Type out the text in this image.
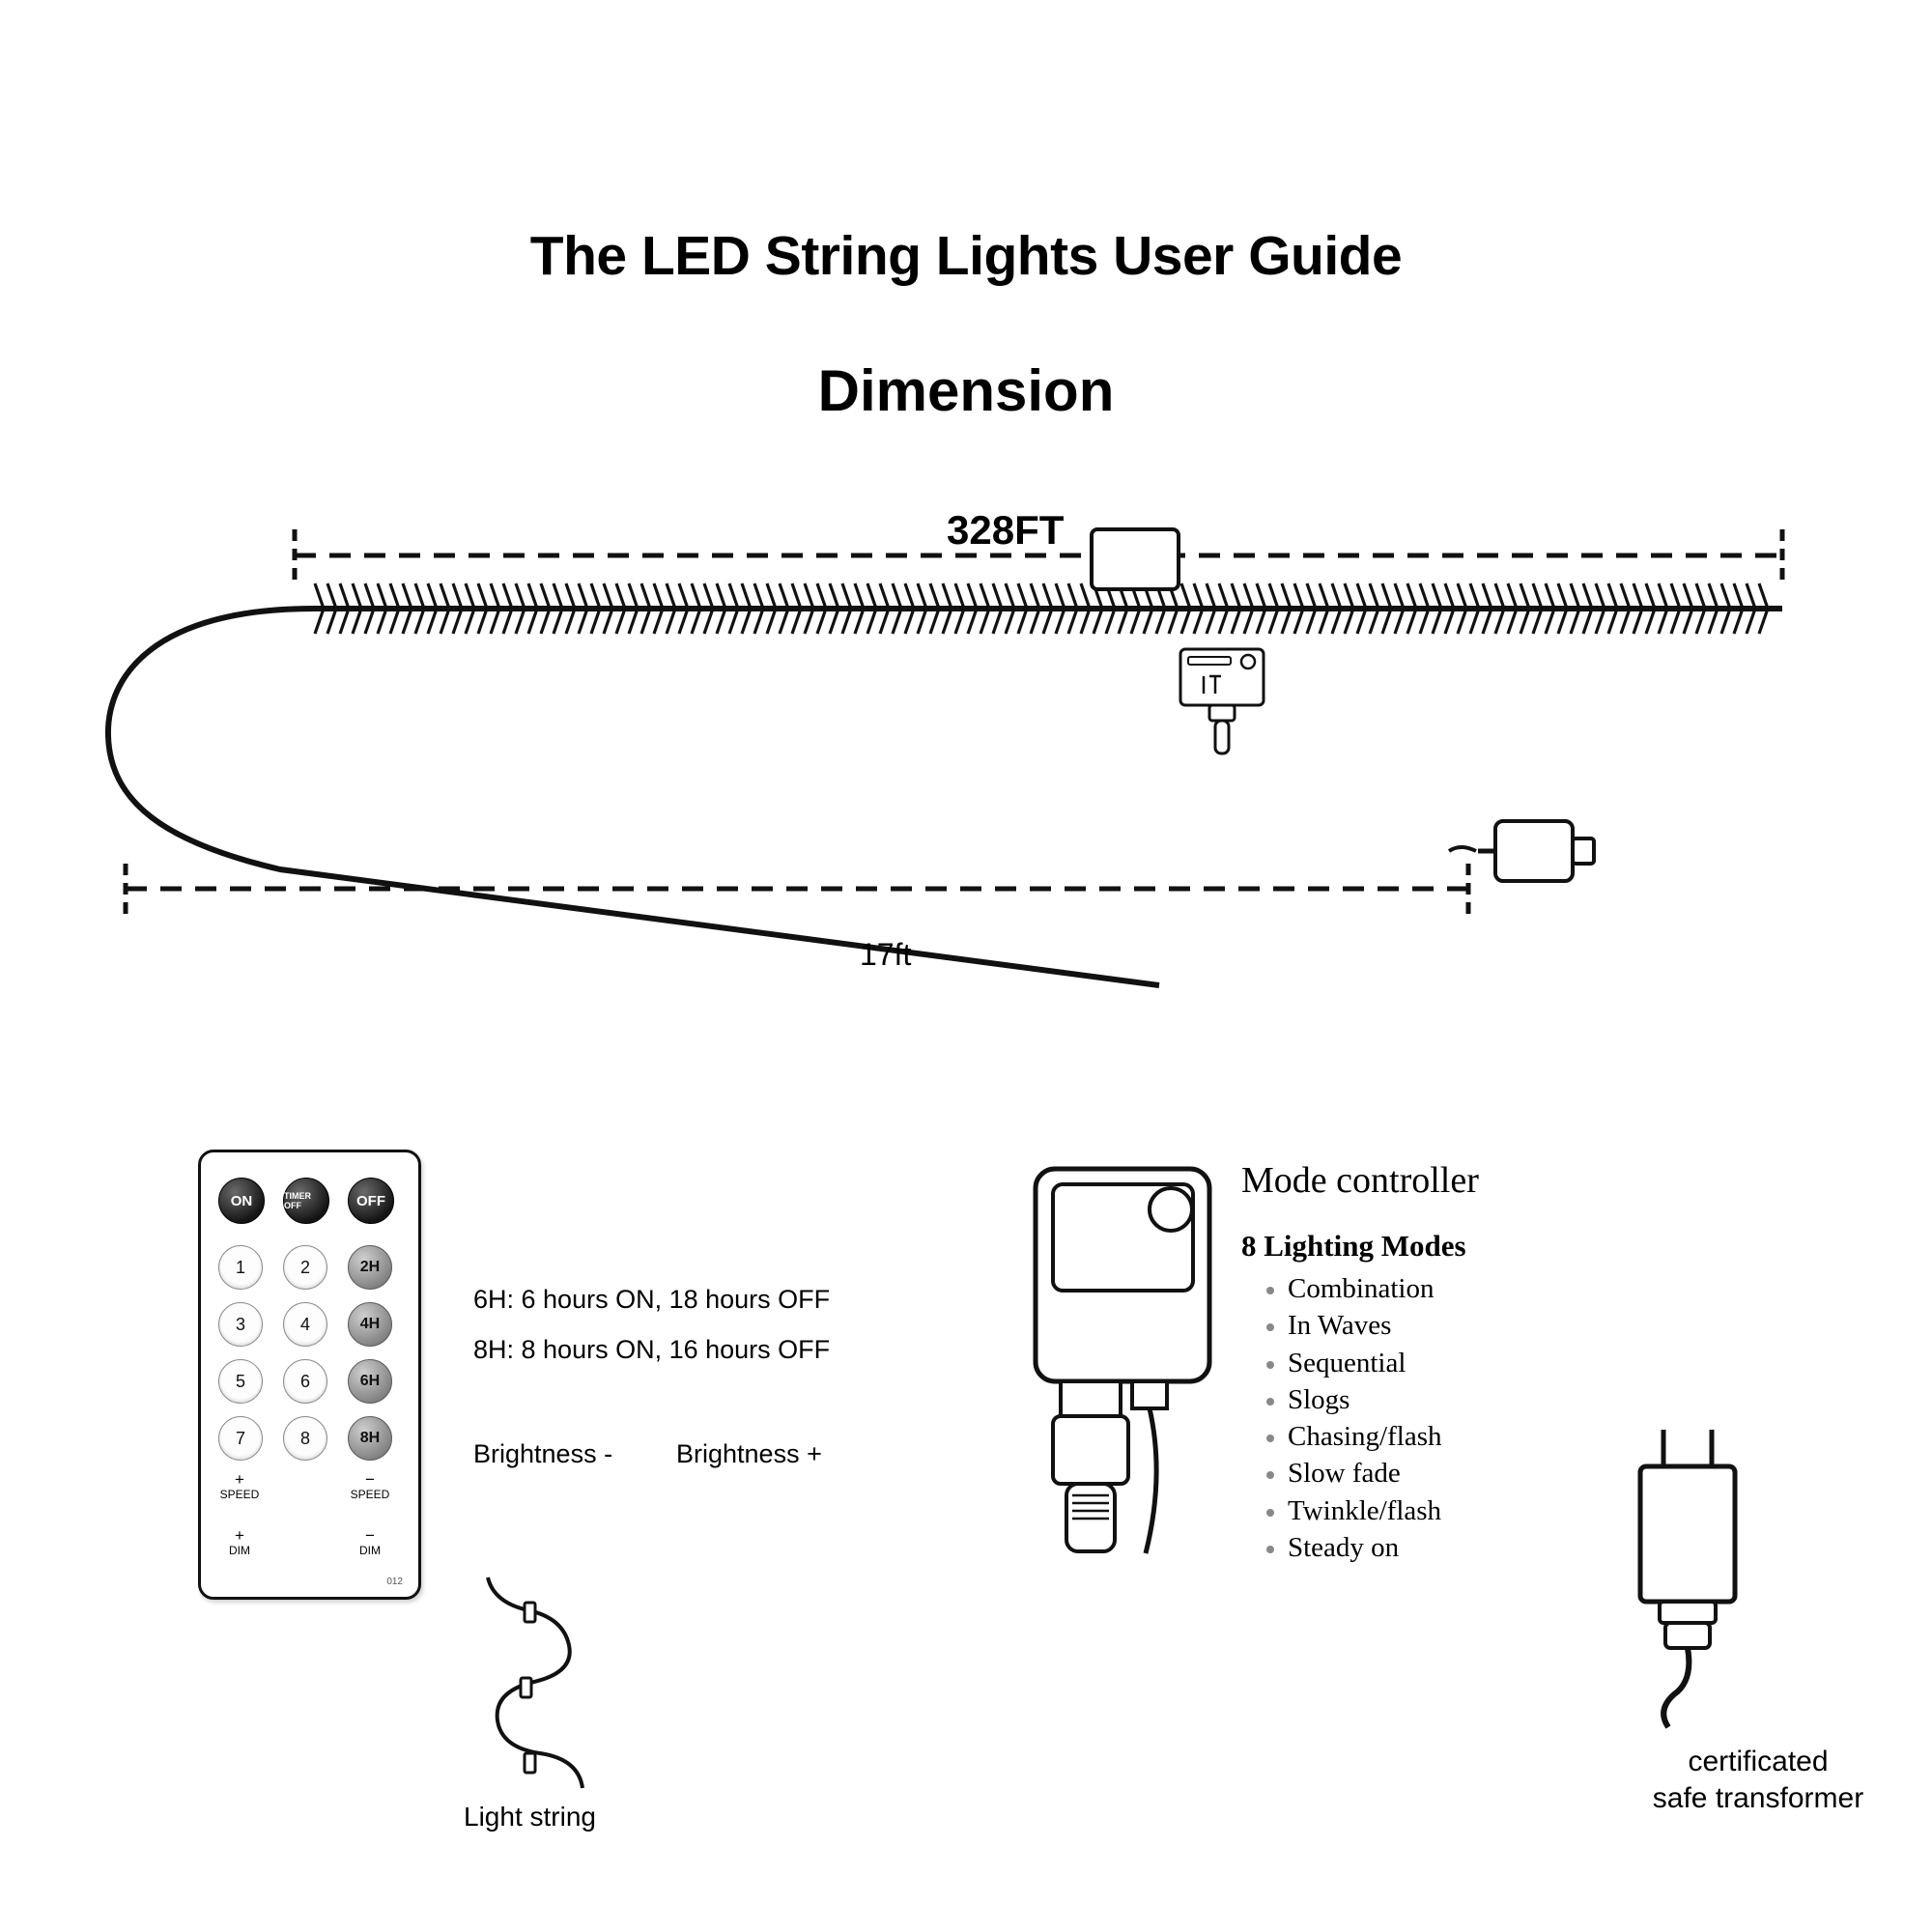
The LED String Lights User Guide
Dimension
328FT
17ft
ON	TIMER OFF	OFF
1	2
3	4
5	6
7	8
2H
4H
6H
8H
+
SPEED
−
SPEED
+
DIM
−
DIM
012
6H: 6 hours ON, 18 hours OFF
8H: 8 hours ON, 16 hours OFF
Brightness - Brightness +
Light string
Mode controller
8 Lighting Modes
• Combination
• In Waves
• Sequential
• Slogs
• Chasing/flash
• Slow fade
• Twinkle/flash
• Steady on
certificated
safe transformer
